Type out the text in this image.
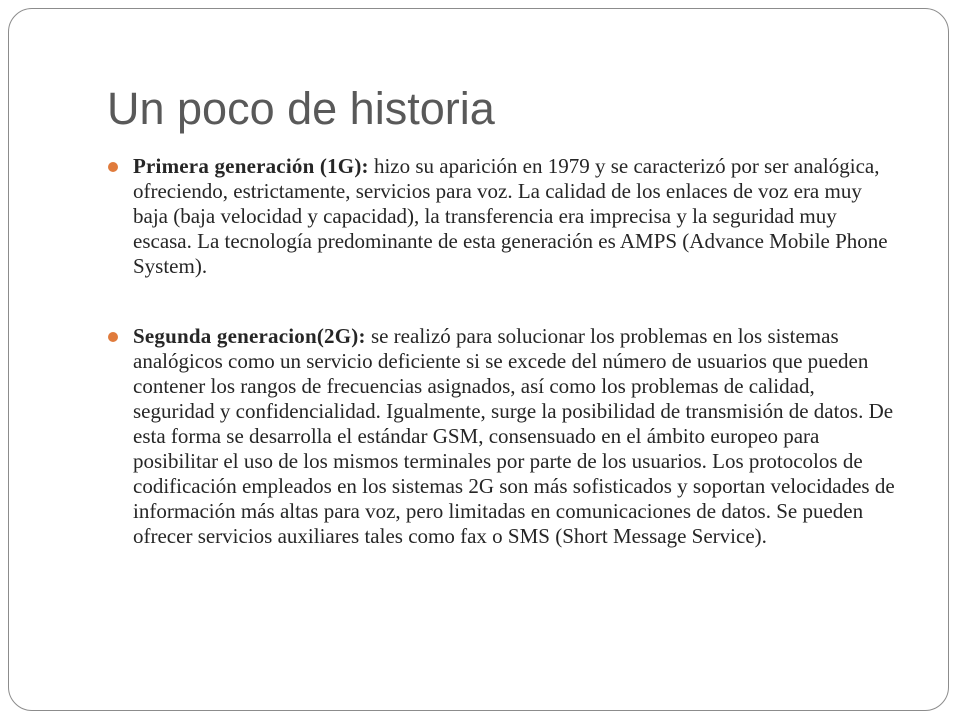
Un poco de historia
Primera generación (1G): hizo su aparición en 1979 y se caracterizó por ser analógica, ofreciendo, estrictamente, servicios para voz. La calidad de los enlaces de voz era muy baja (baja velocidad y capacidad), la transferencia era imprecisa y la seguridad muy escasa. La tecnología predominante de esta generación es AMPS (Advance Mobile Phone System).
Segunda generacion(2G): se realizó para solucionar los problemas en los sistemas analógicos como un servicio deficiente si se excede del número de usuarios que pueden contener los rangos de frecuencias asignados, así como los problemas de calidad, seguridad y confidencialidad. Igualmente, surge la posibilidad de transmisión de datos. De esta forma se desarrolla el estándar GSM, consensuado en el ámbito europeo para posibilitar el uso de los mismos terminales por parte de los usuarios. Los protocolos de codificación empleados en los sistemas 2G son más sofisticados y soportan velocidades de información más altas para voz, pero limitadas en comunicaciones de datos. Se pueden ofrecer servicios auxiliares tales como fax o SMS (Short Message Service).
